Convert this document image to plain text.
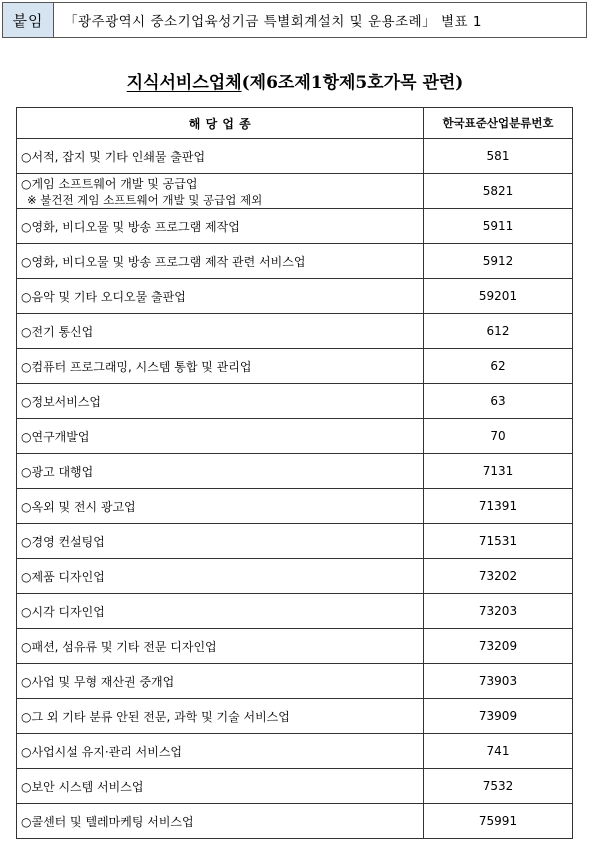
붙임	「광주광역시 중소기업육성기금 특별회계설치 및 운용조례」 별표 1
지식서비스업체(제6조제1항제5호가목 관련)
해 당 업 종	한국표준산업분류번호
○서적, 잡지 및 기타 인쇄물 출판업	581
○게임 소프트웨어 개발 및 공급업
※ 불건전 게임 소프트웨어 개발 및 공급업 제외	5821
○영화, 비디오물 및 방송 프로그램 제작업	5911
○영화, 비디오물 및 방송 프로그램 제작 관련 서비스업	5912
○음악 및 기타 오디오물 출판업	59201
○전기 통신업	612
○컴퓨터 프로그래밍, 시스템 통합 및 관리업	62
○정보서비스업	63
○연구개발업	70
○광고 대행업	7131
○옥외 및 전시 광고업	71391
○경영 컨설팅업	71531
○제품 디자인업	73202
○시각 디자인업	73203
○패션, 섬유류 및 기타 전문 디자인업	73209
○사업 및 무형 재산권 중개업	73903
○그 외 기타 분류 안된 전문, 과학 및 기술 서비스업	73909
○사업시설 유지·관리 서비스업	741
○보안 시스템 서비스업	7532
○콜센터 및 텔레마케팅 서비스업	75991
